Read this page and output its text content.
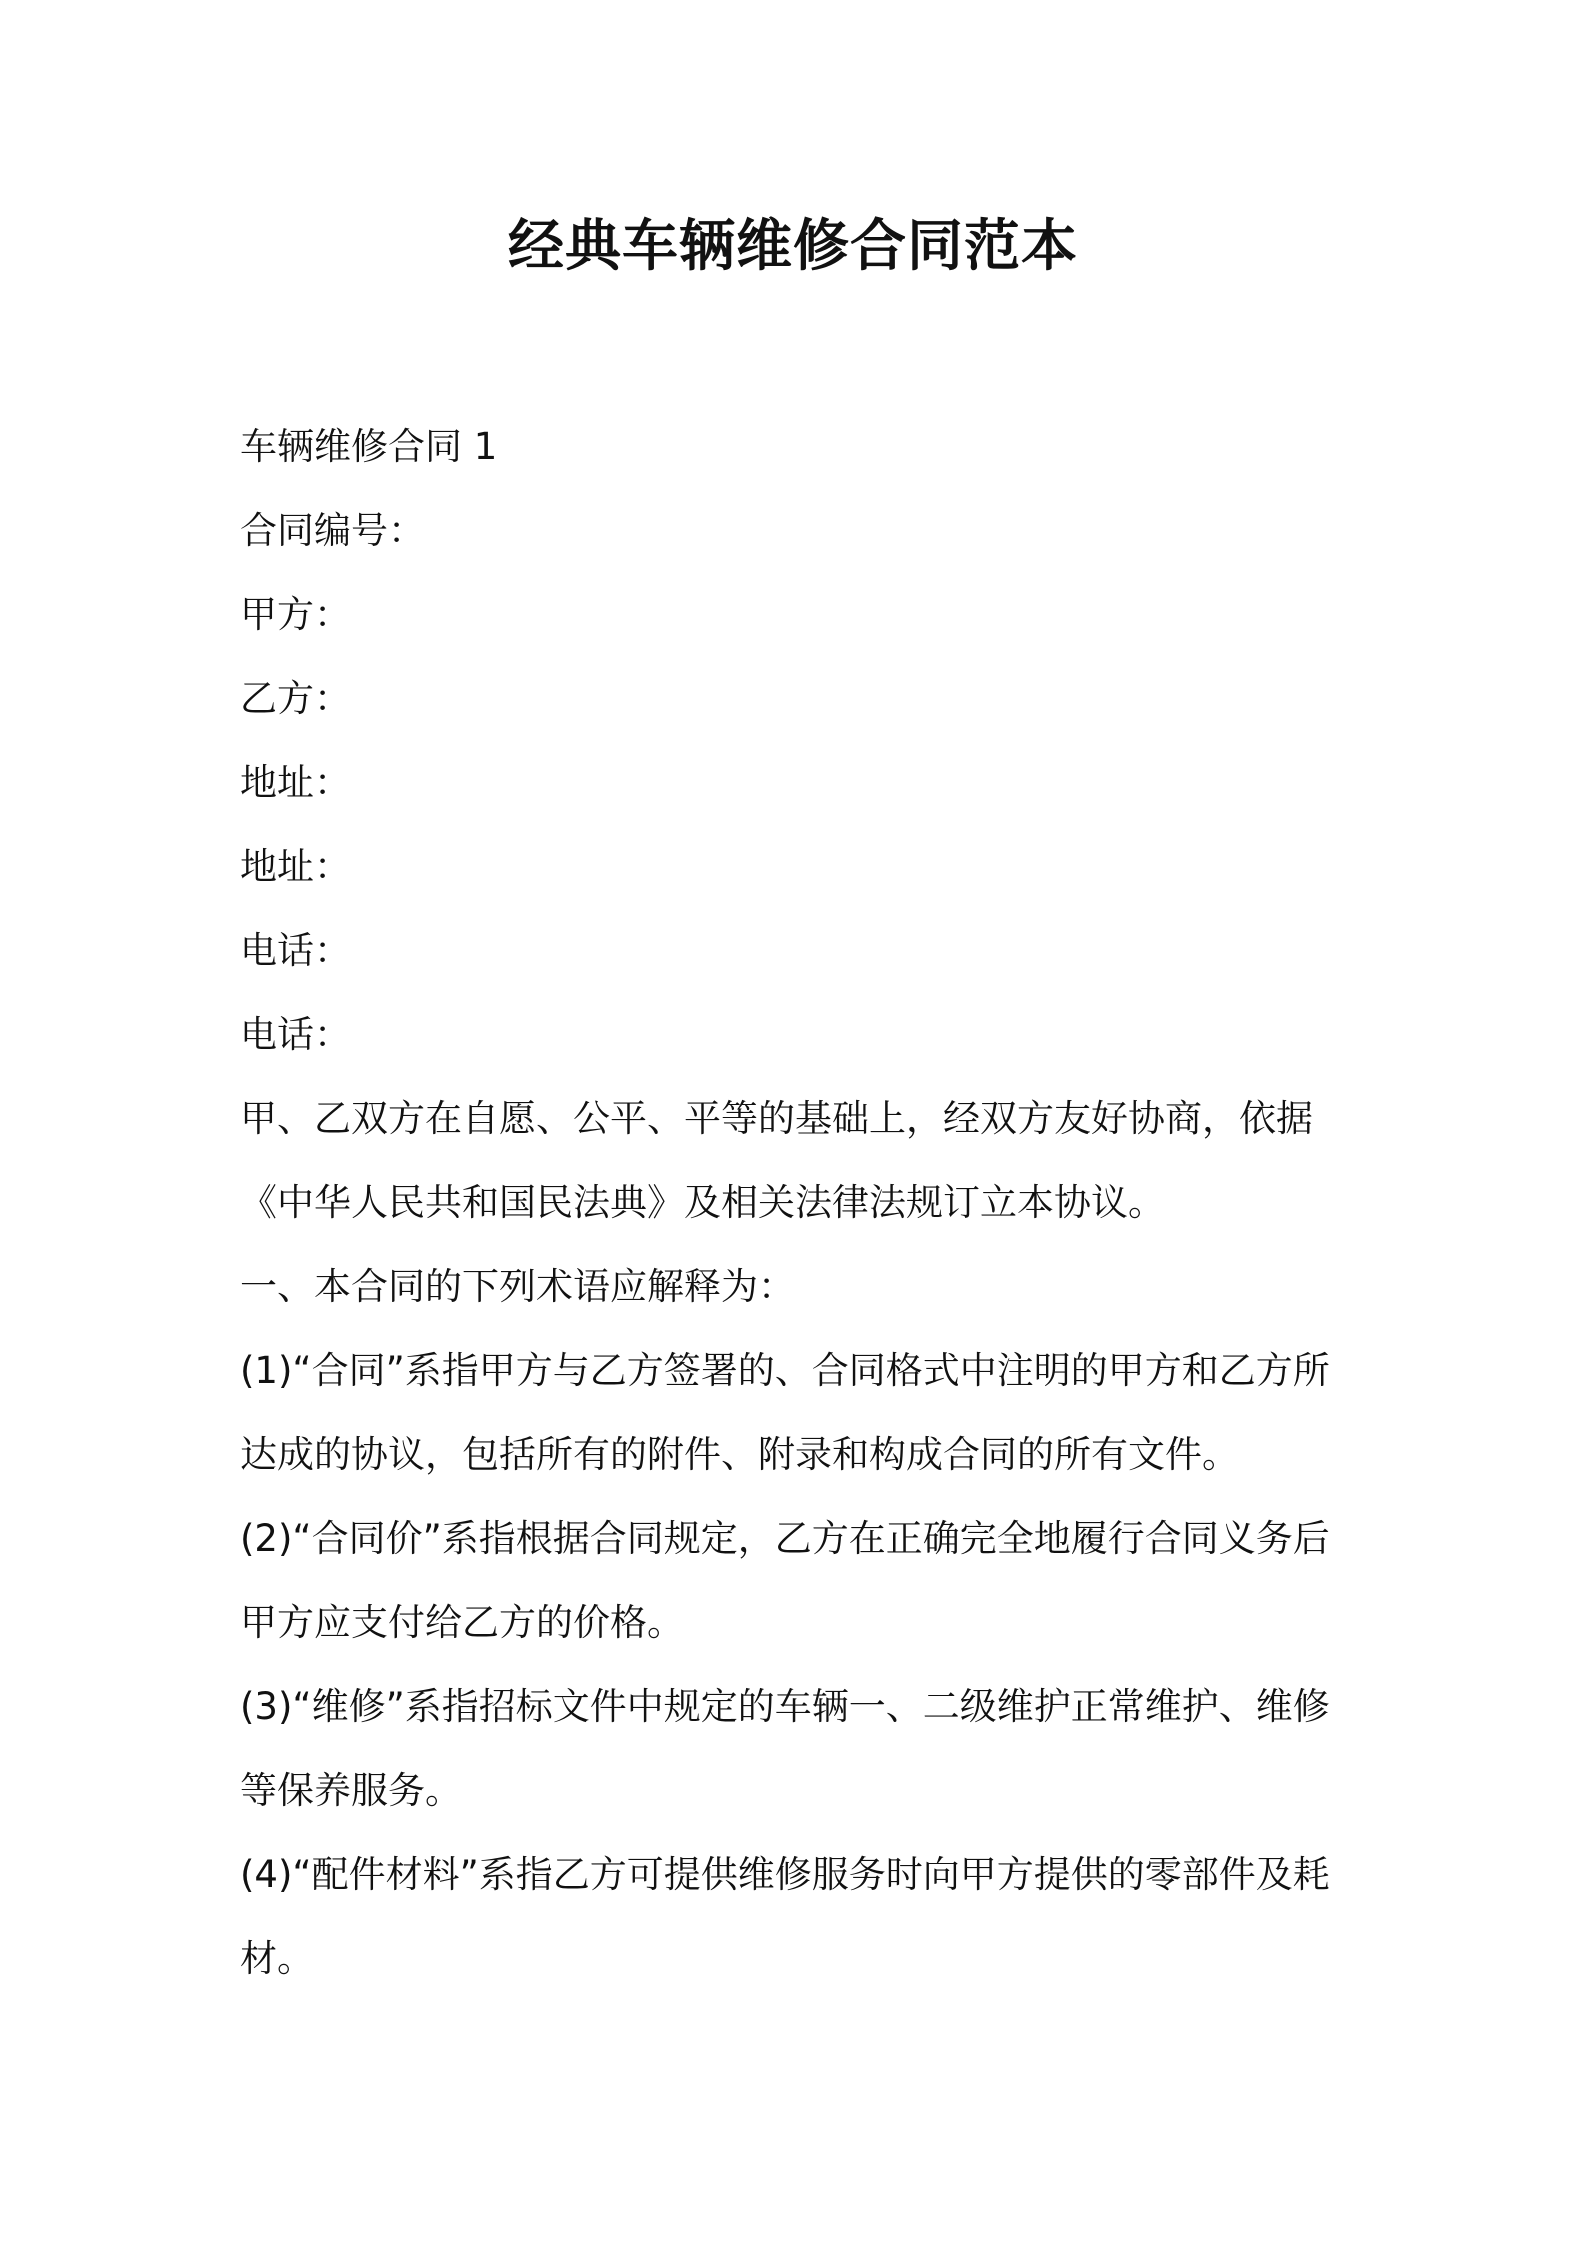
经典车辆维修合同范本

车辆维修合同 1

合同编号：

甲方：

乙方：

地址：

地址：

电话：

电话：

甲、乙双方在自愿、公平、平等的基础上，经双方友好协商，依据《中华人民共和国民法典》及相关法律法规订立本协议。

一、本合同的下列术语应解释为：

(1)“合同”系指甲方与乙方签署的、合同格式中注明的甲方和乙方所达成的协议，包括所有的附件、附录和构成合同的所有文件。

(2)“合同价”系指根据合同规定，乙方在正确完全地履行合同义务后甲方应支付给乙方的价格。

(3)“维修”系指招标文件中规定的车辆一、二级维护正常维护、维修等保养服务。

(4)“配件材料”系指乙方可提供维修服务时向甲方提供的零部件及耗材。
